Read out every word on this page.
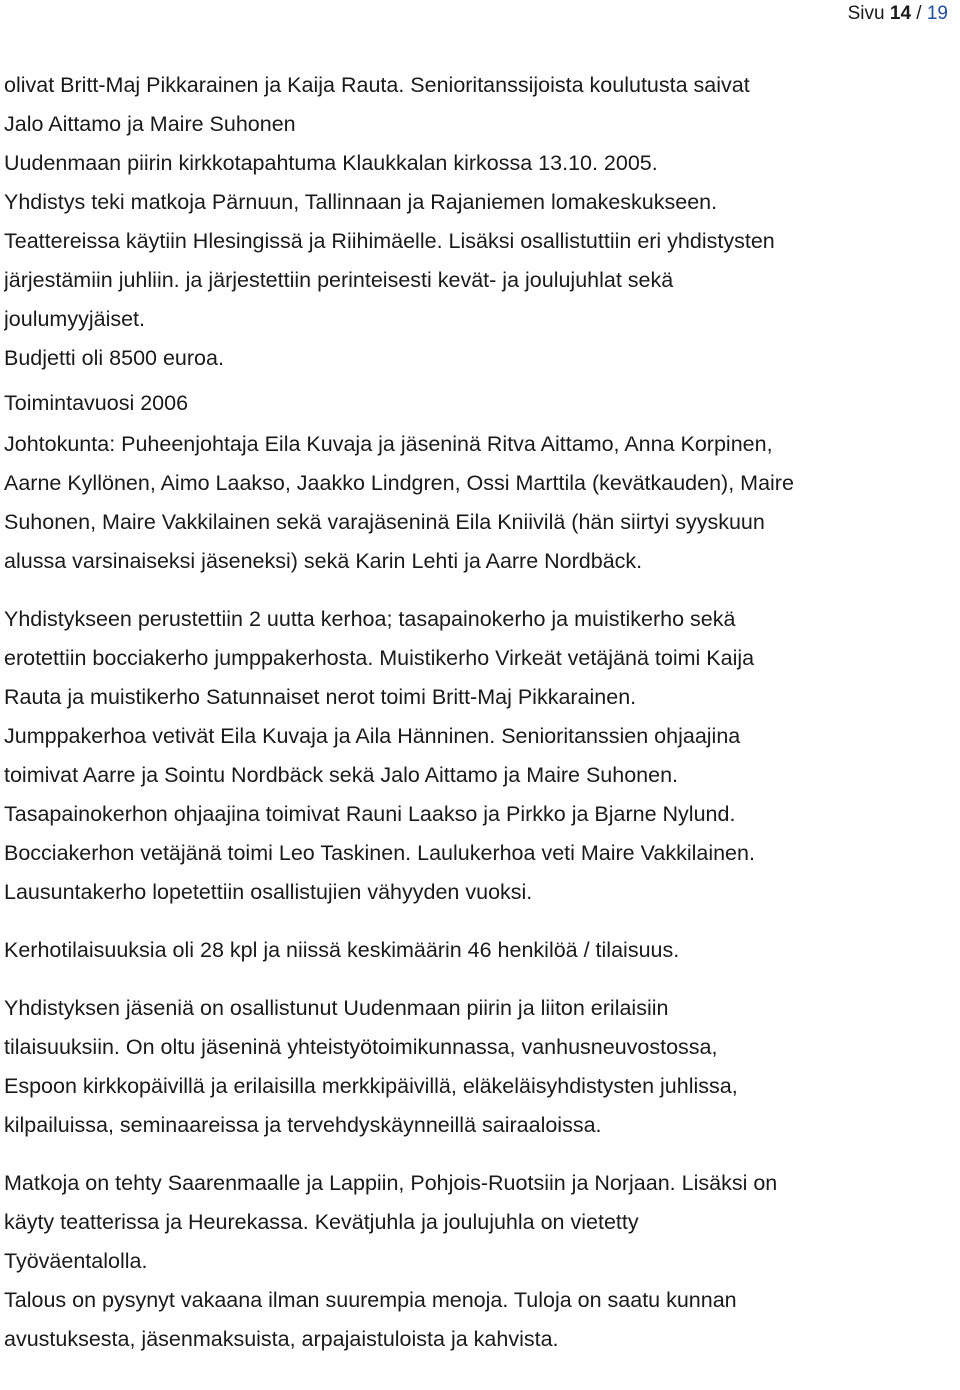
Sivu 14 / 19
olivat Britt-Maj Pikkarainen ja Kaija Rauta. Senioritanssijoista koulutusta saivat
Jalo Aittamo ja Maire Suhonen
Uudenmaan piirin kirkkotapahtuma Klaukkalan kirkossa 13.10. 2005.
Yhdistys teki matkoja Pärnuun, Tallinnaan ja Rajaniemen lomakeskukseen.
Teattereissa käytiin Hlesingissä ja Riihimäelle. Lisäksi osallistuttiin eri yhdistysten
järjestämiin juhliin. ja järjestettiin perinteisesti kevät- ja joulujuhlat sekä
joulumyyjäiset.
Budjetti oli 8500 euroa.
Toimintavuosi 2006
Johtokunta: Puheenjohtaja Eila Kuvaja ja jäseninä Ritva Aittamo, Anna Korpinen,
Aarne Kyllönen, Aimo Laakso, Jaakko Lindgren, Ossi Marttila (kevätkauden), Maire
Suhonen, Maire Vakkilainen sekä varajäseninä Eila Kniivilä (hän siirtyi syyskuun
alussa varsinaiseksi jäseneksi) sekä Karin Lehti ja Aarre Nordbäck.
Yhdistykseen perustettiin 2 uutta kerhoa; tasapainokerho ja muistikerho sekä
erotettiin bocciakerho jumppakerhosta. Muistikerho Virkeät vetäjänä toimi Kaija
Rauta ja muistikerho Satunnaiset nerot toimi Britt-Maj Pikkarainen.
Jumppakerhoa vetivät Eila Kuvaja ja Aila Hänninen. Senioritanssien ohjaajina
toimivat Aarre ja Sointu Nordbäck sekä Jalo Aittamo ja Maire Suhonen.
Tasapainokerhon ohjaajina toimivat Rauni Laakso ja Pirkko ja Bjarne Nylund.
Bocciakerhon vetäjänä toimi Leo Taskinen. Laulukerhoa veti Maire Vakkilainen.
Lausuntakerho lopetettiin osallistujien vähyyden vuoksi.
Kerhotilaisuuksia oli 28 kpl ja niissä keskimäärin 46 henkilöä / tilaisuus.
Yhdistyksen jäseniä on osallistunut Uudenmaan piirin ja liiton erilaisiin
tilaisuuksiin. On oltu jäseninä yhteistyötoimikunnassa, vanhusneuvostossa,
Espoon kirkkopäivillä ja erilaisilla merkkipäivillä, eläkeläisyhdistysten juhlissa,
kilpailuissa, seminaareissa ja tervehdyskäynneillä sairaaloissa.
Matkoja on tehty Saarenmaalle ja Lappiin, Pohjois-Ruotsiin ja Norjaan. Lisäksi on
käyty teatterissa ja Heurekassa. Kevätjuhla ja joulujuhla on vietetty
Työväentalolla.
Talous on pysynyt vakaana ilman suurempia menoja. Tuloja on saatu kunnan
avustuksesta, jäsenmaksuista, arpajaistuloista ja kahvista.
